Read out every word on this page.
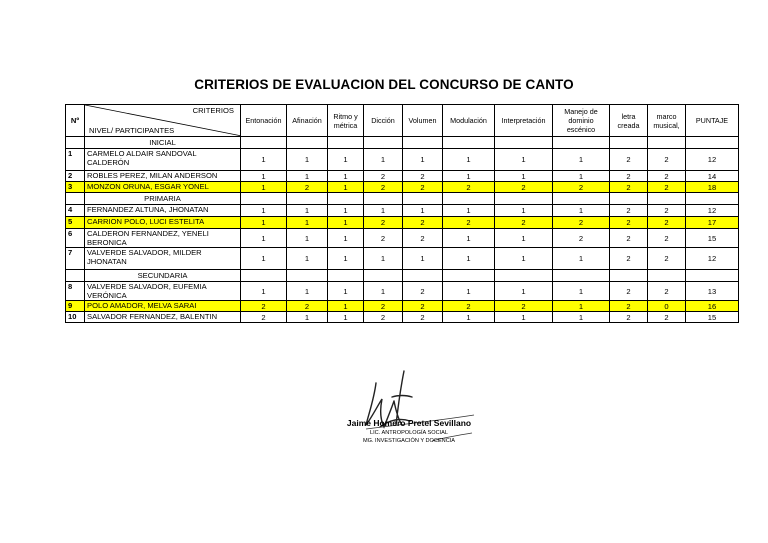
CRITERIOS DE EVALUACION DEL CONCURSO DE CANTO
Nº	CRITERIOS
NIVEL/ PARTICIPANTES	Entonación	Afinación	Ritmo y métrica	Dicción	Volumen	Modulación	Interpretación	Manejo de dominio escénico	letra creada	marco musical,	PUNTAJE
	INICIAL											
1	CARMELO ALDAIR SANDOVAL CALDERÓN	1	1	1	1	1	1	1	1	2	2	12
2	ROBLES PEREZ, MILAN ANDERSON	1	1	1	2	2	1	1	1	2	2	14
3	MONZON ORUNA, ESGAR YONEL	1	2	1	2	2	2	2	2	2	2	18
	PRIMARIA											
4	FERNANDEZ ALTUNA, JHONATAN	1	1	1	1	1	1	1	1	2	2	12
5	CARRION POLO, LUCI ESTELITA	1	1	1	2	2	2	2	2	2	2	17
6	CALDERON FERNANDEZ, YENELI BERONICA	1	1	1	2	2	1	1	2	2	2	15
7	VALVERDE SALVADOR, MILDER JHONATAN	1	1	1	1	1	1	1	1	2	2	12
	SECUNDARIA											
8	VALVERDE SALVADOR, EUFEMIA VERÓNICA	1	1	1	1	2	1	1	1	2	2	13
9	POLO AMADOR, MELVA SARAI	2	2	1	2	2	2	2	1	2	0	16
10	SALVADOR FERNANDEZ, BALENTIN	2	1	1	2	2	1	1	1	2	2	15
Jaime Homero Pretel Sevillano
LIC. ANTROPOLOGÍA SOCIAL
MG. INVESTIGACIÓN Y DOCENCIA
